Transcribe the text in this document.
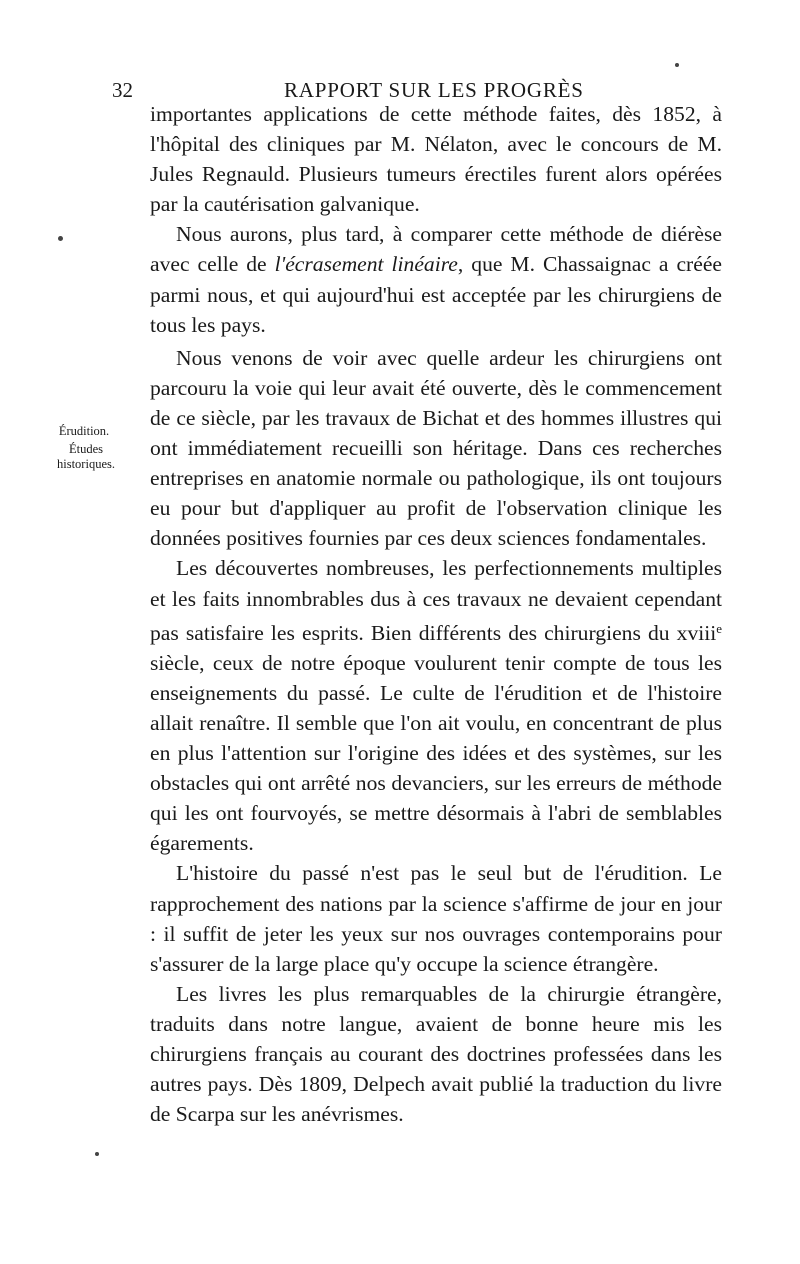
32	RAPPORT SUR LES PROGRÈS
Érudition.
Études
historiques.

importantes applications de cette méthode faites, dès 1852, à l'hôpital des cliniques par M. Nélaton, avec le concours de M. Jules Regnauld. Plusieurs tumeurs érectiles furent alors opérées par la cautérisation galvanique.

Nous aurons, plus tard, à comparer cette méthode de diérèse avec celle de l'écrasement linéaire, que M. Chassaignac a créée parmi nous, et qui aujourd'hui est acceptée par les chirurgiens de tous les pays.

Nous venons de voir avec quelle ardeur les chirurgiens ont parcouru la voie qui leur avait été ouverte, dès le commencement de ce siècle, par les travaux de Bichat et des hommes illustres qui ont immédiatement recueilli son héritage. Dans ces recherches entreprises en anatomie normale ou pathologique, ils ont toujours eu pour but d'appliquer au profit de l'observation clinique les données positives fournies par ces deux sciences fondamentales.

Les découvertes nombreuses, les perfectionnements multiples et les faits innombrables dus à ces travaux ne devaient cependant pas satisfaire les esprits. Bien différents des chirurgiens du xviii$^e$ siècle, ceux de notre époque voulurent tenir compte de tous les enseignements du passé. Le culte de l'érudition et de l'histoire allait renaître. Il semble que l'on ait voulu, en concentrant de plus en plus l'attention sur l'origine des idées et des systèmes, sur les obstacles qui ont arrêté nos devanciers, sur les erreurs de méthode qui les ont fourvoyés, se mettre désormais à l'abri de semblables égarements.

L'histoire du passé n'est pas le seul but de l'érudition. Le rapprochement des nations par la science s'affirme de jour en jour : il suffit de jeter les yeux sur nos ouvrages contemporains pour s'assurer de la large place qu'y occupe la science étrangère.

Les livres les plus remarquables de la chirurgie étrangère, traduits dans notre langue, avaient de bonne heure mis les chirurgiens français au courant des doctrines professées dans les autres pays. Dès 1809, Delpech avait publié la traduction du livre de Scarpa sur les anévrismes.
